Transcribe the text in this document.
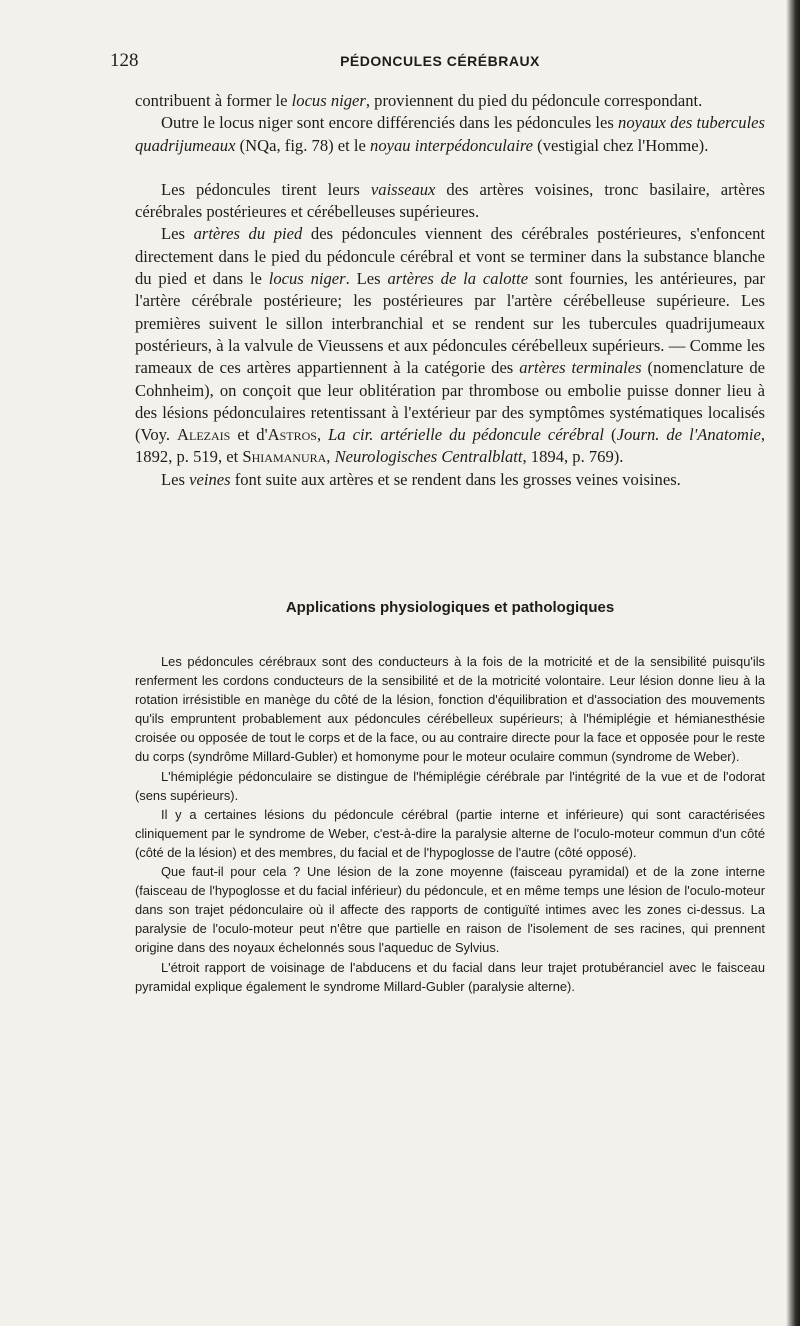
128	PÉDONCULES CÉRÉBRAUX

contribuent à former le locus niger, proviennent du pied du pédoncule correspondant.

Outre le locus niger sont encore différenciés dans les pédoncules les noyaux des tubercules quadrijumeaux (NQa, fig. 78) et le noyau interpédonculaire (vestigial chez l'Homme).

Les pédoncules tirent leurs vaisseaux des artères voisines, tronc basilaire, artères cérébrales postérieures et cérébelleuses supérieures.

Les artères du pied des pédoncules viennent des cérébrales postérieures, s'enfoncent directement dans le pied du pédoncule cérébral et vont se terminer dans la substance blanche du pied et dans le locus niger. Les artères de la calotte sont fournies, les antérieures, par l'artère cérébrale postérieure; les postérieures par l'artère cérébelleuse supérieure. Les premières suivent le sillon interbranchial et se rendent sur les tubercules quadrijumeaux postérieurs, à la valvule de Vieussens et aux pédoncules cérébelleux supérieurs. — Comme les rameaux de ces artères appartiennent à la catégorie des artères terminales (nomenclature de Cohnheim), on conçoit que leur oblitération par thrombose ou embolie puisse donner lieu à des lésions pédonculaires retentissant à l'extérieur par des symptômes systématiques localisés (Voy. Alezais et d'Astros, La cir. artérielle du pédoncule cérébral (Journ. de l'Anatomie, 1892, p. 519, et Shiamanura, Neurologisches Centralblatt, 1894, p. 769).

Les veines font suite aux artères et se rendent dans les grosses veines voisines.

Applications physiologiques et pathologiques

Les pédoncules cérébraux sont des conducteurs à la fois de la motricité et de la sensibilité puisqu'ils renferment les cordons conducteurs de la sensibilité et de la motricité volontaire. Leur lésion donne lieu à la rotation irrésistible en manège du côté de la lésion, fonction d'équilibration et d'association des mouvements qu'ils empruntent probablement aux pédoncules cérébelleux supérieurs; à l'hémiplégie et hémianesthésie croisée ou opposée de tout le corps et de la face, ou au contraire directe pour la face et opposée pour le reste du corps (syndrôme Millard-Gubler) et homonyme pour le moteur oculaire commun (syndrome de Weber).

L'hémiplégie pédonculaire se distingue de l'hémiplégie cérébrale par l'intégrité de la vue et de l'odorat (sens supérieurs).

Il y a certaines lésions du pédoncule cérébral (partie interne et inférieure) qui sont caractérisées cliniquement par le syndrome de Weber, c'est-à-dire la paralysie alterne de l'oculo-moteur commun d'un côté (côté de la lésion) et des membres, du facial et de l'hypoglosse de l'autre (côté opposé).

Que faut-il pour cela ? Une lésion de la zone moyenne (faisceau pyramidal) et de la zone interne (faisceau de l'hypoglosse et du facial inférieur) du pédoncule, et en même temps une lésion de l'oculo-moteur dans son trajet pédonculaire où il affecte des rapports de contiguïté intimes avec les zones ci-dessus. La paralysie de l'oculo-moteur peut n'être que partielle en raison de l'isolement de ses racines, qui prennent origine dans des noyaux échelonnés sous l'aqueduc de Sylvius.

L'étroit rapport de voisinage de l'abducens et du facial dans leur trajet protubéranciel avec le faisceau pyramidal explique également le syndrome Millard-Gubler (paralysie alterne).
